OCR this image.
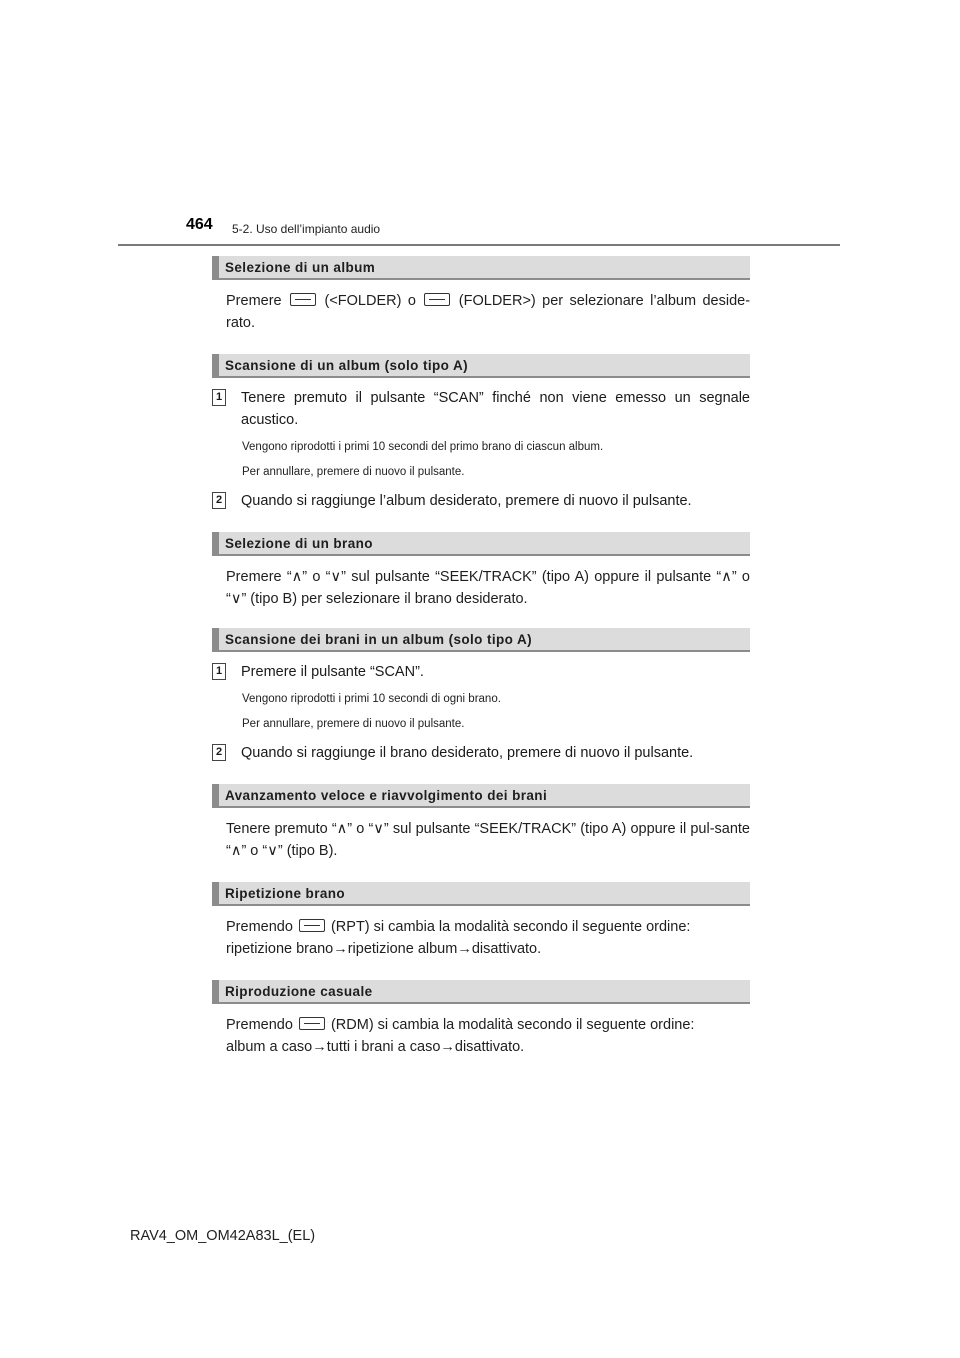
464 5-2. Uso dell’impianto audio
Selezione di un album
Premere	(<FOLDER) o	(FOLDER>) per selezionare l’album deside-rato.
Scansione di un album (solo tipo A)
1 Tenere premuto il pulsante “SCAN” finché non viene emesso un segnale acustico.
Vengono riprodotti i primi 10 secondi del primo brano di ciascun album.
Per annullare, premere di nuovo il pulsante.
2 Quando si raggiunge l’album desiderato, premere di nuovo il pulsante.
Selezione di un brano
Premere “∧” o “∨” sul pulsante “SEEK/TRACK” (tipo A) oppure il pulsante “∧” o “∨” (tipo B) per selezionare il brano desiderato.
Scansione dei brani in un album (solo tipo A)
1 Premere il pulsante “SCAN”.
Vengono riprodotti i primi 10 secondi di ogni brano.
Per annullare, premere di nuovo il pulsante.
2 Quando si raggiunge il brano desiderato, premere di nuovo il pulsante.
Avanzamento veloce e riavvolgimento dei brani
Tenere premuto “∧” o “∨” sul pulsante “SEEK/TRACK” (tipo A) oppure il pul-sante “∧” o “∨” (tipo B).
Ripetizione brano
Premendo	(RPT) si cambia la modalità secondo il seguente ordine:
ripetizione brano→ripetizione album→disattivato.
Riproduzione casuale
Premendo	(RDM) si cambia la modalità secondo il seguente ordine:
album a caso→tutti i brani a caso→disattivato.
RAV4_OM_OM42A83L_(EL)
